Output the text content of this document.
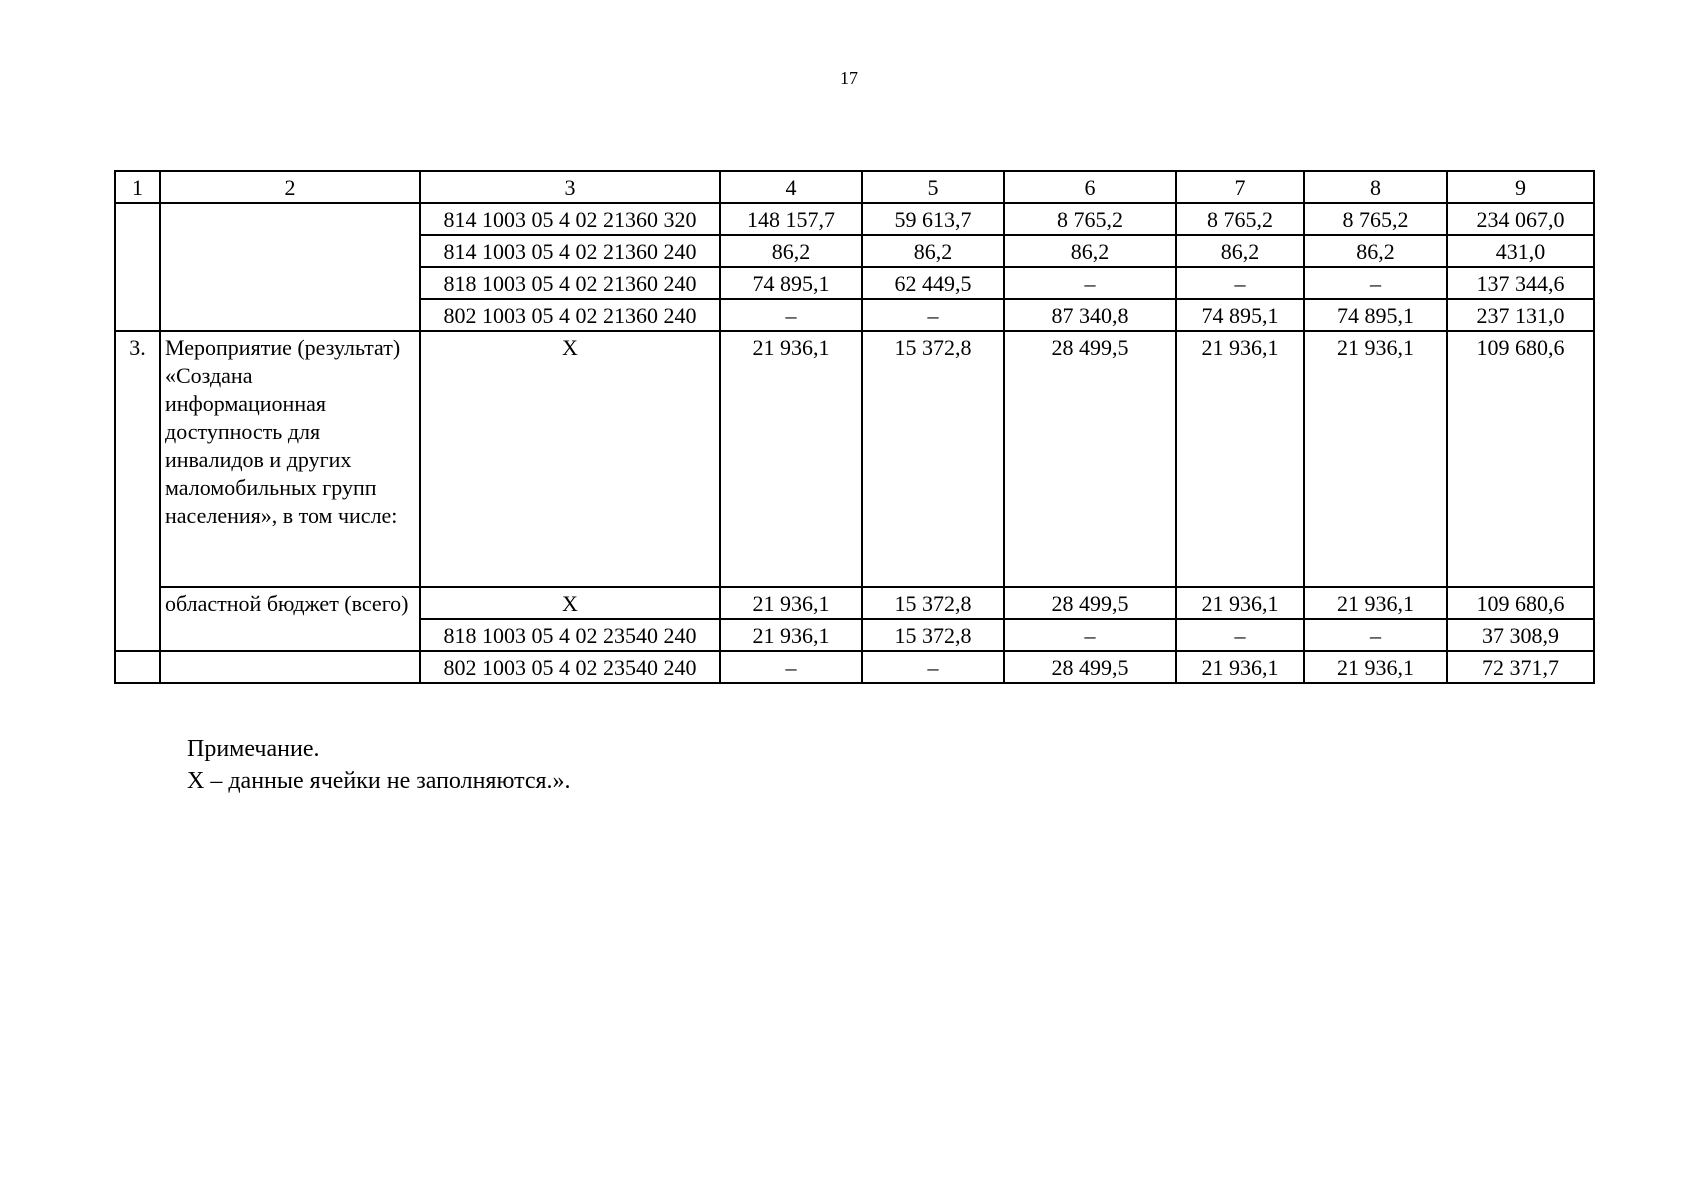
17
1	2	3	4	5	6	7	8	9
		814 1003 05 4 02 21360 320	148 157,7	59 613,7	8 765,2	8 765,2	8 765,2	234 067,0
		814 1003 05 4 02 21360 240	86,2	86,2	86,2	86,2	86,2	431,0
		818 1003 05 4 02 21360 240	74 895,1	62 449,5	–	–	–	137 344,6
		802 1003 05 4 02 21360 240	–	–	87 340,8	74 895,1	74 895,1	237 131,0
3.	Мероприятие (результат) «Создана информационная доступность для инвалидов и других маломобильных групп населения», в том числе:	X	21 936,1	15 372,8	28 499,5	21 936,1	21 936,1	109 680,6
	областной бюджет (всего)	X	21 936,1	15 372,8	28 499,5	21 936,1	21 936,1	109 680,6
		818 1003 05 4 02 23540 240	21 936,1	15 372,8	–	–	–	37 308,9
		802 1003 05 4 02 23540 240	–	–	28 499,5	21 936,1	21 936,1	72 371,7
Примечание.
X – данные ячейки не заполняются.».
